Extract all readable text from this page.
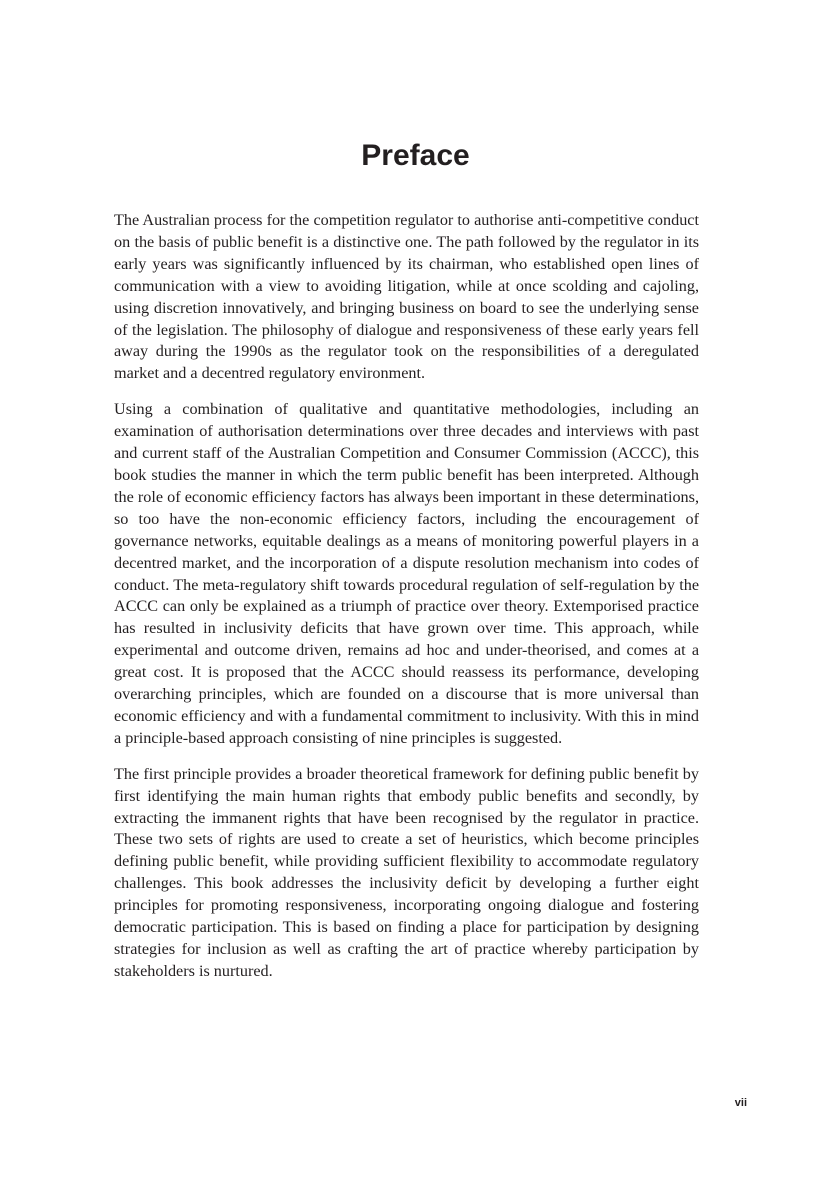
Preface

The Australian process for the competition regulator to authorise anti-competitive conduct on the basis of public benefit is a distinctive one. The path followed by the regulator in its early years was significantly influenced by its chairman, who established open lines of communication with a view to avoiding litigation, while at once scolding and cajoling, using discretion innovatively, and bringing business on board to see the underlying sense of the legislation. The philosophy of dialogue and responsiveness of these early years fell away during the 1990s as the regulator took on the responsibilities of a deregulated market and a decentred regulatory environment.

Using a combination of qualitative and quantitative methodologies, including an examination of authorisation determinations over three decades and interviews with past and current staff of the Australian Competition and Consumer Commission (ACCC), this book studies the manner in which the term public benefit has been interpreted. Although the role of economic efficiency factors has always been important in these determinations, so too have the non-economic efficiency factors, including the encouragement of governance networks, equitable dealings as a means of monitoring powerful players in a decentred market, and the incorporation of a dispute resolution mechanism into codes of conduct. The meta-regulatory shift towards procedural regulation of self-regulation by the ACCC can only be explained as a triumph of practice over theory. Extemporised practice has resulted in inclusivity deficits that have grown over time. This approach, while experimental and outcome driven, remains ad hoc and under-theorised, and comes at a great cost. It is proposed that the ACCC should reassess its performance, developing overarching principles, which are founded on a discourse that is more universal than economic efficiency and with a fundamental commitment to inclusivity. With this in mind a principle-based approach consisting of nine principles is suggested.

The first principle provides a broader theoretical framework for defining public benefit by first identifying the main human rights that embody public benefits and secondly, by extracting the immanent rights that have been recognised by the regulator in practice. These two sets of rights are used to create a set of heuristics, which become principles defining public benefit, while providing sufficient flexibility to accommodate regulatory challenges. This book addresses the inclusivity deficit by developing a further eight principles for promoting responsiveness, incorporating ongoing dialogue and fostering democratic participation. This is based on finding a place for participation by designing strategies for inclusion as well as crafting the art of practice whereby participation by stakeholders is nurtured.

vii
